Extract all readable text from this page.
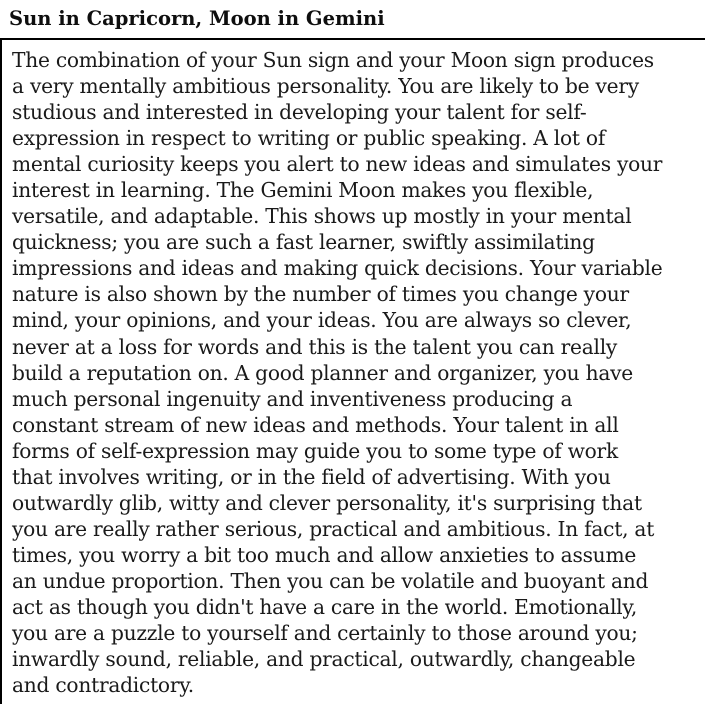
Sun in Capricorn, Moon in Gemini
The combination of your Sun sign and your Moon sign produces
a very mentally ambitious personality. You are likely to be very
studious and interested in developing your talent for self-
expression in respect to writing or public speaking. A lot of
mental curiosity keeps you alert to new ideas and simulates your
interest in learning. The Gemini Moon makes you flexible,
versatile, and adaptable. This shows up mostly in your mental
quickness; you are such a fast learner, swiftly assimilating
impressions and ideas and making quick decisions. Your variable
nature is also shown by the number of times you change your
mind, your opinions, and your ideas. You are always so clever,
never at a loss for words and this is the talent you can really
build a reputation on. A good planner and organizer, you have
much personal ingenuity and inventiveness producing a
constant stream of new ideas and methods. Your talent in all
forms of self-expression may guide you to some type of work
that involves writing, or in the field of advertising. With you
outwardly glib, witty and clever personality, it's surprising that
you are really rather serious, practical and ambitious. In fact, at
times, you worry a bit too much and allow anxieties to assume
an undue proportion. Then you can be volatile and buoyant and
act as though you didn't have a care in the world. Emotionally,
you are a puzzle to yourself and certainly to those around you;
inwardly sound, reliable, and practical, outwardly, changeable
and contradictory.
